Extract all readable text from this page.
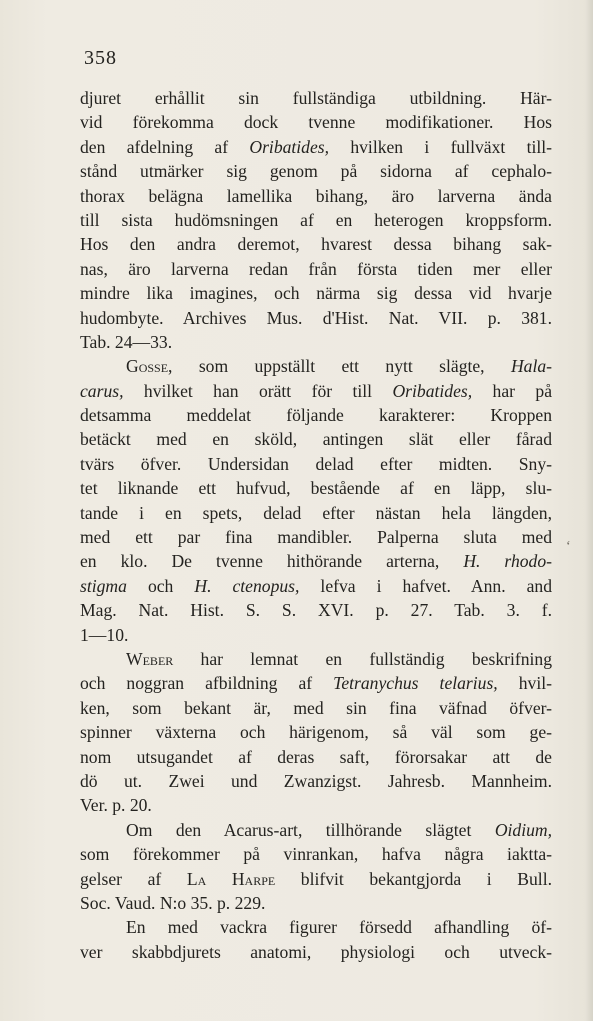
358
djuret erhållit sin fullständiga utbildning. Här-
vid förekomma dock tvenne modifikationer. Hos
den afdelning af Oribatides, hvilken i fullväxt till-
stånd utmärker sig genom på sidorna af cephalo-
thorax belägna lamellika bihang, äro larverna ända
till sista hudömsningen af en heterogen kroppsform.
Hos den andra deremot, hvarest dessa bihang sak-
nas, äro larverna redan från första tiden mer eller
mindre lika imagines, och närma sig dessa vid hvarje
hudombyte. Archives Mus. d'Hist. Nat. VII. p. 381.
Tab. 24—33.
Gosse, som uppställt ett nytt slägte, Hala-
carus, hvilket han orätt för till Oribatides, har på
detsamma meddelat följande karakterer: Kroppen
betäckt med en sköld, antingen slät eller fårad
tvärs öfver. Undersidan delad efter midten. Sny-
tet liknande ett hufvud, bestående af en läpp, slu-
tande i en spets, delad efter nästan hela längden,
med ett par fina mandibler. Palperna sluta med
en klo. De tvenne hithörande arterna, H. rhodo-
stigma och H. ctenopus, lefva i hafvet. Ann. and
Mag. Nat. Hist. S. S. XVI. p. 27. Tab. 3. f.
1—10.
Weber har lemnat en fullständig beskrifning
och noggran afbildning af Tetranychus telarius, hvil-
ken, som bekant är, med sin fina väfnad öfver-
spinner växterna och härigenom, så väl som ge-
nom utsugandet af deras saft, förorsakar att de
dö ut. Zwei und Zwanzigst. Jahresb. Mannheim.
Ver. p. 20.
Om den Acarus-art, tillhörande slägtet Oidium,
som förekommer på vinrankan, hafva några iaktta-
gelser af La Harpe blifvit bekantgjorda i Bull.
Soc. Vaud. N:o 35. p. 229.
En med vackra figurer försedd afhandling öf-
ver skabbdjurets anatomi, physiologi och utveck-
‘
